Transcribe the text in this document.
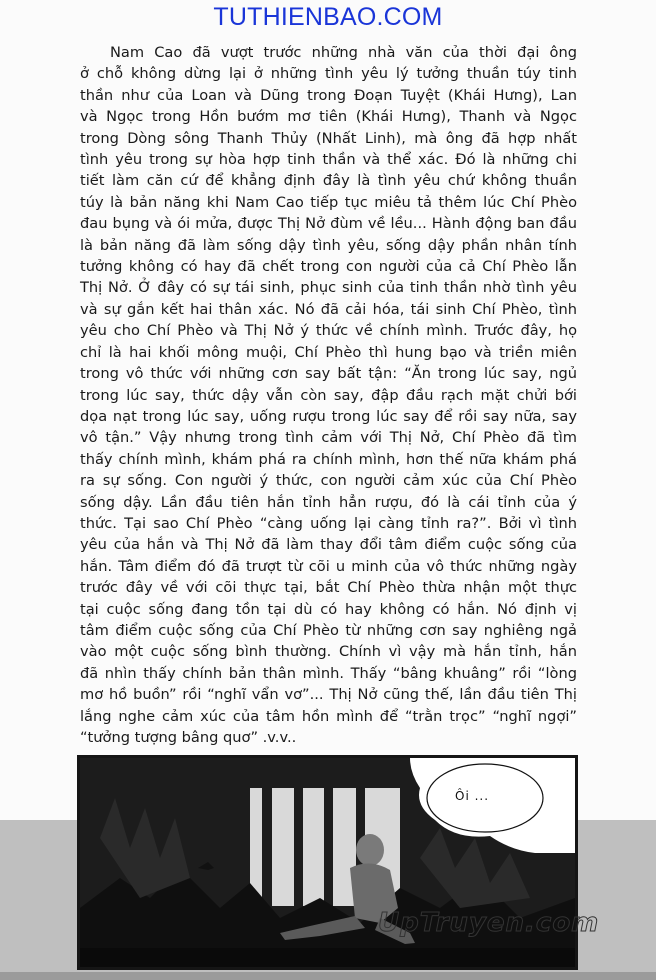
TUTHIENBAO.COM
Nam Cao đã vượt trước những nhà văn của thời đại ông
ở chỗ không dừng lại ở những tình yêu lý tưởng thuần túy tinh
thần như của Loan và Dũng trong Đoạn Tuyệt (Khái Hưng), Lan
và Ngọc trong Hồn bướm mơ tiên (Khái Hưng), Thanh và Ngọc
trong Dòng sông Thanh Thủy (Nhất Linh), mà ông đã hợp nhất
tình yêu trong sự hòa hợp tinh thần và thể xác. Đó là những chi
tiết làm căn cứ để khẳng định đây là tình yêu chứ không thuần
túy là bản năng khi Nam Cao tiếp tục miêu tả thêm lúc Chí Phèo
đau bụng và ói mửa, được Thị Nở đùm về lều... Hành động ban đầu
là bản năng đã làm sống dậy tình yêu, sống dậy phần nhân tính
tưởng không có hay đã chết trong con người của cả Chí Phèo lẫn
Thị Nở. Ở đây có sự tái sinh, phục sinh của tinh thần nhờ tình yêu
và sự gắn kết hai thân xác. Nó đã cải hóa, tái sinh Chí Phèo, tình
yêu cho Chí Phèo và Thị Nở ý thức về chính mình. Trước đây, họ
chỉ là hai khối mông muội, Chí Phèo thì hung bạo và triền miên
trong vô thức với những cơn say bất tận: “Ăn trong lúc say, ngủ
trong lúc say, thức dậy vẫn còn say, đập đầu rạch mặt chửi bới
dọa nạt trong lúc say, uống rượu trong lúc say để rồi say nữa, say
vô tận.” Vậy nhưng trong tình cảm với Thị Nở, Chí Phèo đã tìm
thấy chính mình, khám phá ra chính mình, hơn thế nữa khám phá
ra sự sống. Con người ý thức, con người cảm xúc của Chí Phèo
sống dậy. Lần đầu tiên hắn tỉnh hẳn rượu, đó là cái tỉnh của ý
thức. Tại sao Chí Phèo “càng uống lại càng tỉnh ra?”. Bởi vì tình
yêu của hắn và Thị Nở đã làm thay đổi tâm điểm cuộc sống của
hắn. Tâm điểm đó đã trượt từ cõi u minh của vô thức những ngày
trước đây về với cõi thực tại, bắt Chí Phèo thừa nhận một thực
tại cuộc sống đang tồn tại dù có hay không có hắn. Nó định vị
tâm điểm cuộc sống của Chí Phèo từ những cơn say nghiêng ngả
vào một cuộc sống bình thường. Chính vì vậy mà hắn tỉnh, hắn
đã nhìn thấy chính bản thân mình. Thấy “bâng khuâng” rồi “lòng
mơ hồ buồn” rồi “nghĩ vẩn vơ”... Thị Nở cũng thế, lần đầu tiên Thị
lắng nghe cảm xúc của tâm hồn mình để “trằn trọc” “nghĩ ngợi”
“tưởng tượng bâng quơ” .v.v..
Ôi ...
UpTruyen.com
